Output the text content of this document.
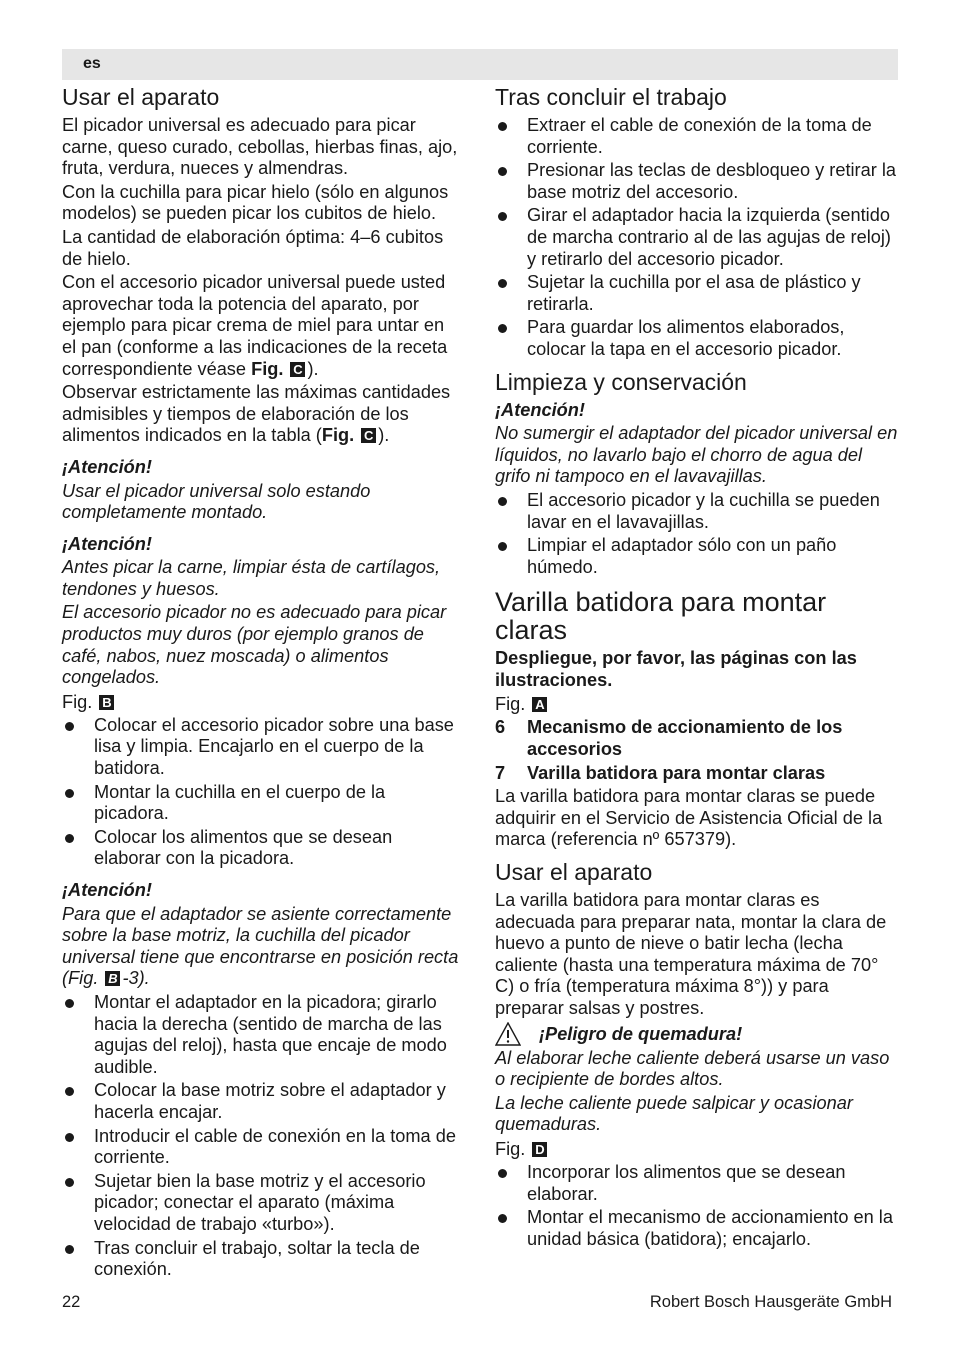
es
Usar el aparato

El picador universal es adecuado para picar carne, queso curado, cebollas, hierbas finas, ajo, fruta, verdura, nueces y almendras.

Con la cuchilla para picar hielo (sólo en algunos modelos) se pueden picar los cubitos de hielo.

La cantidad de elaboración óptima: 4–6 cubitos de hielo.

Con el accesorio picador universal puede usted aprovechar toda la potencia del aparato, por ejemplo para picar crema de miel para untar en el pan (conforme a las indicaciones de la receta correspondiente véase Fig. C ).

Observar estrictamente las máximas cantidades admisibles y tiempos de elaboración de los alimentos indicados en la tabla (Fig. C ).

¡Atención!

Usar el picador universal solo estando completamente montado.

¡Atención!

Antes picar la carne, limpiar ésta de cartílagos, tendones y huesos.

El accesorio picador no es adecuado para picar productos muy duros (por ejemplo granos de café, nabos, nuez moscada) o alimentos congelados.

Fig. B
Colocar el accesorio picador sobre una base lisa y limpia. Encajarlo en el cuerpo de la batidora.
Montar la cuchilla en el cuerpo de la picadora.
Colocar los alimentos que se desean elaborar con la picadora.

¡Atención!

Para que el adaptador se asiente correctamente sobre la base motriz, la cuchilla del picador universal tiene que encontrarse en posición recta (Fig. B -3).

Montar el adaptador en la picadora; girarlo hacia la derecha (sentido de marcha de las agujas del reloj), hasta que encaje de modo audible.
Colocar la base motriz sobre el adaptador y hacerla encajar.
Introducir el cable de conexión en la toma de corriente.
Sujetar bien la base motriz y el accesorio picador; conectar el aparato (máxima velocidad de trabajo «turbo»).
Tras concluir el trabajo, soltar la tecla de conexión.
Tras concluir el trabajo
Extraer el cable de conexión de la toma de corriente.
Presionar las teclas de desbloqueo y retirar la base motriz del accesorio.
Girar el adaptador hacia la izquierda (sentido de marcha contrario al de las agujas de reloj) y retirarlo del accesorio picador.
Sujetar la cuchilla por el asa de plástico y retirarla.
Para guardar los alimentos elaborados, colocar la tapa en el accesorio picador.
Limpieza y conservación

¡Atención!

No sumergir el adaptador del picador universal en líquidos, no lavarlo bajo el chorro de agua del grifo ni tampoco en el lavavajillas.

El accesorio picador y la cuchilla se pueden lavar en el lavavajillas.
Limpiar el adaptador sólo con un paño húmedo.
Varilla batidora para montar claras

Despliegue, por favor, las páginas con las ilustraciones.

Fig. A
6 Mecanismo de accionamiento de los accesorios
7 Varilla batidora para montar claras

La varilla batidora para montar claras se puede adquirir en el Servicio de Asistencia Oficial de la marca (referencia nº 657379).

Usar el aparato

La varilla batidora para montar claras es adecuada para preparar nata, montar la clara de huevo a punto de nieve o batir lecha (lecha caliente (hasta una temperatura máxima de 70° C) o fría (temperatura máxima 8°)) y para preparar salsas y postres.

¡Peligro de quemadura!

Al elaborar leche caliente deberá usarse un vaso o recipiente de bordes altos.

La leche caliente puede salpicar y ocasionar quemaduras.

Fig. D
Incorporar los alimentos que se desean elaborar.
Montar el mecanismo de accionamiento en la unidad básica (batidora); encajarlo.
22	Robert Bosch Hausgeräte GmbH
